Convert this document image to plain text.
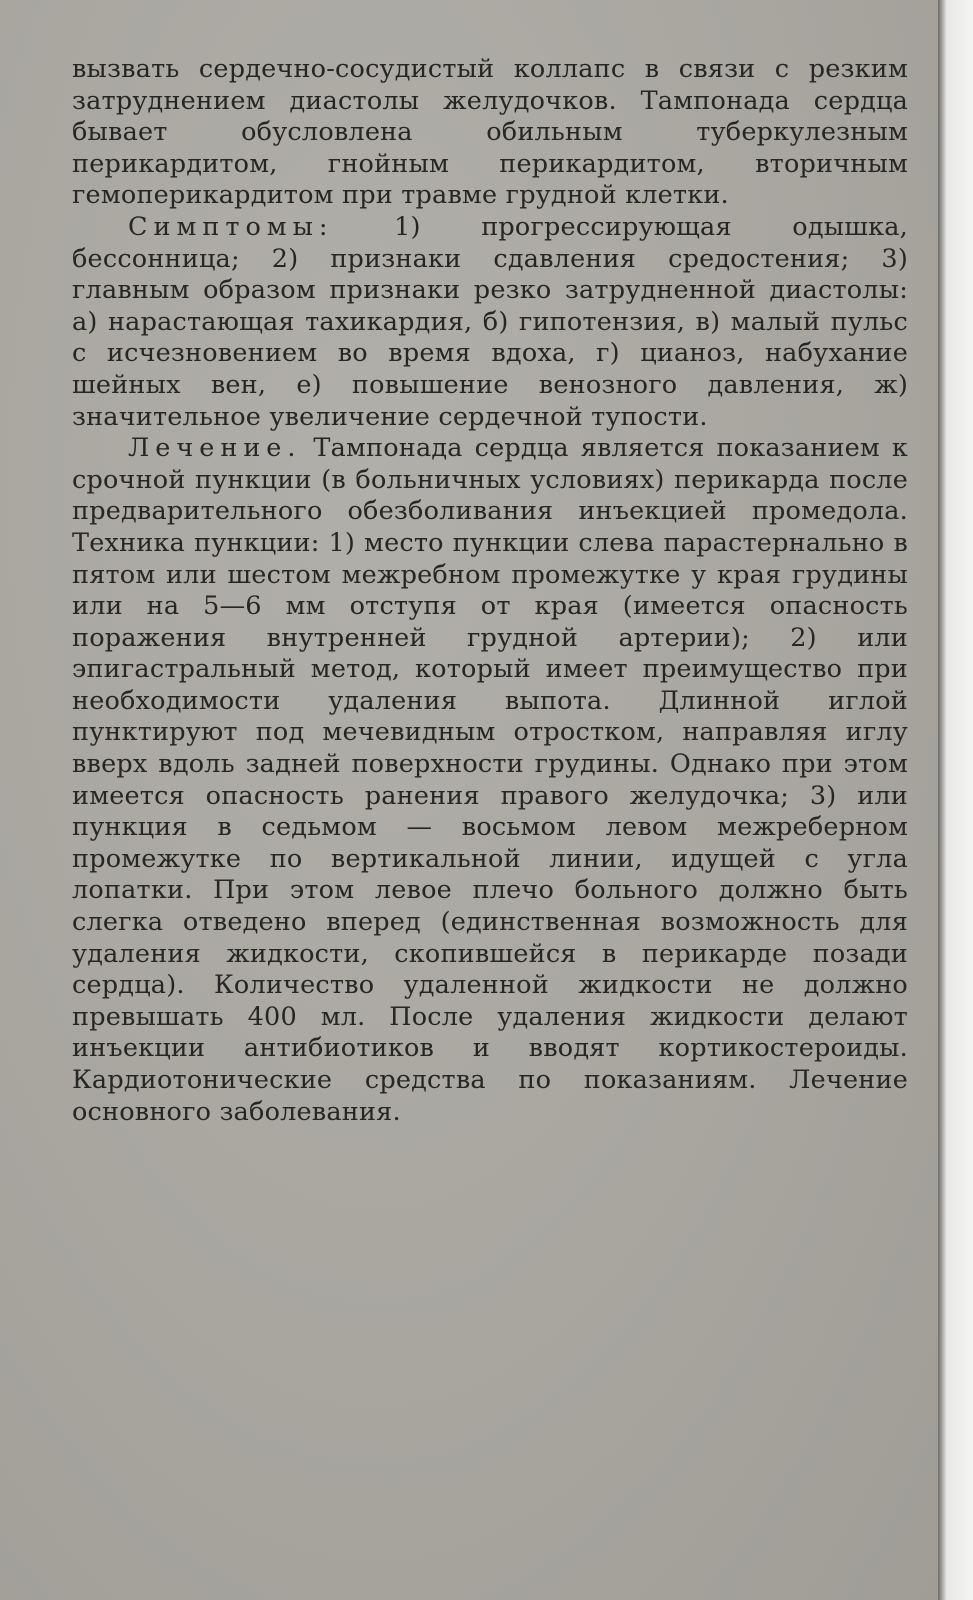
вызвать сердечно-сосудистый коллапс в связи с резким затруднением диастолы желудочков. Тампонада сердца бывает обусловлена обильным туберкулезным перикардитом, гнойным перикардитом, вторичным гемоперикардитом при травме грудной клетки.

Симптомы: 1) прогрессирующая одышка, бессонница; 2) признаки сдавления средостения; 3) главным образом признаки резко затрудненной диастолы: а) нарастающая тахикардия, б) гипотензия, в) малый пульс с исчезновением во время вдоха, г) цианоз, набухание шейных вен, е) повышение венозного давления, ж) значительное увеличение сердечной тупости.

Лечение. Тампонада сердца является показанием к срочной пункции (в больничных условиях) перикарда после предварительного обезболивания инъекцией промедола. Техника пункции: 1) место пункции слева парастернально в пятом или шестом межребном промежутке у края грудины или на 5—6 мм отступя от края (имеется опасность поражения внутренней грудной артерии); 2) или эпигастральный метод, который имеет преимущество при необходимости удаления выпота. Длинной иглой пунктируют под мечевидным отростком, направляя иглу вверх вдоль задней поверхности грудины. Однако при этом имеется опасность ранения правого желудочка; 3) или пункция в седьмом — восьмом левом межреберном промежутке по вертикальной линии, идущей с угла лопатки. При этом левое плечо больного должно быть слегка отведено вперед (единственная возможность для удаления жидкости, скопившейся в перикарде позади сердца). Количество удаленной жидкости не должно превышать 400 мл. После удаления жидкости делают инъекции антибиотиков и вводят кортикостероиды. Кардиотонические средства по показаниям. Лечение основного заболевания.
